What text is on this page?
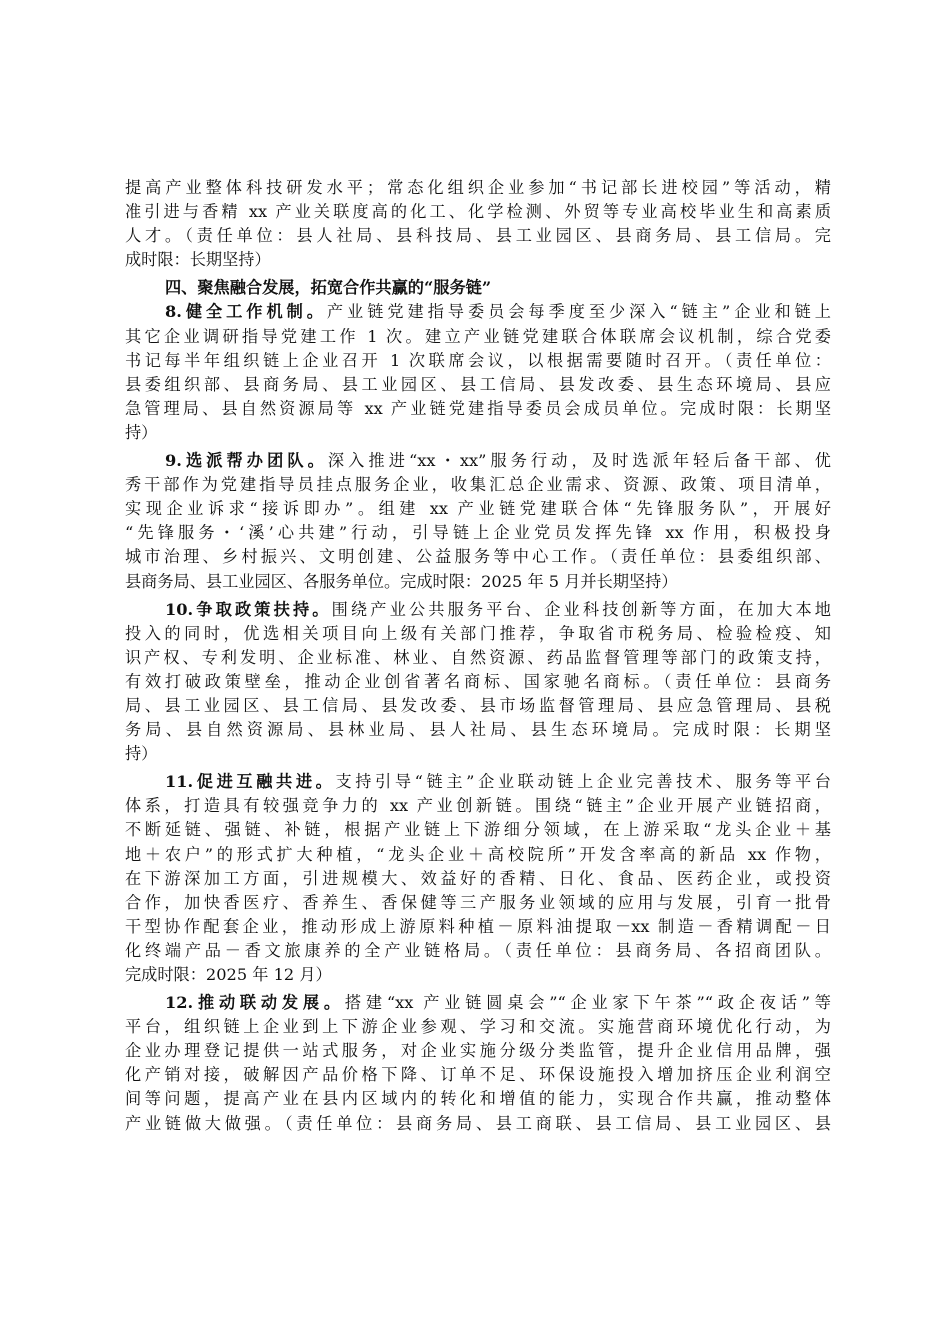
提高产业整体科技研发水平；常态化组织企业参加“书记部长进校园”等活动，精
准引进与香精 xx 产业关联度高的化工、化学检测、外贸等专业高校毕业生和高素质
人才。（责任单位：县人社局、县科技局、县工业园区、县商务局、县工信局。完
成时限：长期坚持）
四、聚焦融合发展，拓宽合作共赢的“服务链”
8.健全工作机制。产业链党建指导委员会每季度至少深入“链主”企业和链上
其它企业调研指导党建工作 1 次。建立产业链党建联合体联席会议机制，综合党委
书记每半年组织链上企业召开 1 次联席会议，以根据需要随时召开。（责任单位：
县委组织部、县商务局、县工业园区、县工信局、县发改委、县生态环境局、县应
急管理局、县自然资源局等 xx 产业链党建指导委员会成员单位。完成时限：长期坚
持）
9.选派帮办团队。深入推进“xx・xx”服务行动，及时选派年轻后备干部、优
秀干部作为党建指导员挂点服务企业，收集汇总企业需求、资源、政策、项目清单，
实现企业诉求“接诉即办”。组建 xx 产业链党建联合体“先锋服务队”，开展好
“先锋服务・‘溪’心共建”行动，引导链上企业党员发挥先锋 xx 作用，积极投身
城市治理、乡村振兴、文明创建、公益服务等中心工作。（责任单位：县委组织部、
县商务局、县工业园区、各服务单位。完成时限：2025 年 5 月并长期坚持）
10.争取政策扶持。围绕产业公共服务平台、企业科技创新等方面，在加大本地
投入的同时，优选相关项目向上级有关部门推荐，争取省市税务局、检验检疫、知
识产权、专利发明、企业标准、林业、自然资源、药品监督管理等部门的政策支持，
有效打破政策壁垒，推动企业创省著名商标、国家驰名商标。（责任单位：县商务
局、县工业园区、县工信局、县发改委、县市场监督管理局、县应急管理局、县税
务局、县自然资源局、县林业局、县人社局、县生态环境局。完成时限：长期坚
持）
11.促进互融共进。支持引导“链主”企业联动链上企业完善技术、服务等平台
体系，打造具有较强竞争力的 xx 产业创新链。围绕“链主”企业开展产业链招商，
不断延链、强链、补链，根据产业链上下游细分领域，在上游采取“龙头企业＋基
地＋农户”的形式扩大种植，“龙头企业＋高校院所”开发含率高的新品 xx 作物，
在下游深加工方面，引进规模大、效益好的香精、日化、食品、医药企业，或投资
合作，加快香医疗、香养生、香保健等三产服务业领域的应用与发展，引育一批骨
干型协作配套企业，推动形成上游原料种植－原料油提取－xx 制造－香精调配－日
化终端产品－香文旅康养的全产业链格局。（责任单位：县商务局、各招商团队。
完成时限：2025 年 12 月）
12.推动联动发展。搭建“xx 产业链圆桌会”“企业家下午茶”“政企夜话”等
平台，组织链上企业到上下游企业参观、学习和交流。实施营商环境优化行动，为
企业办理登记提供一站式服务，对企业实施分级分类监管，提升企业信用品牌，强
化产销对接，破解因产品价格下降、订单不足、环保设施投入增加挤压企业利润空
间等问题，提高产业在县内区域内的转化和增值的能力，实现合作共赢，推动整体
产业链做大做强。（责任单位：县商务局、县工商联、县工信局、县工业园区、县
